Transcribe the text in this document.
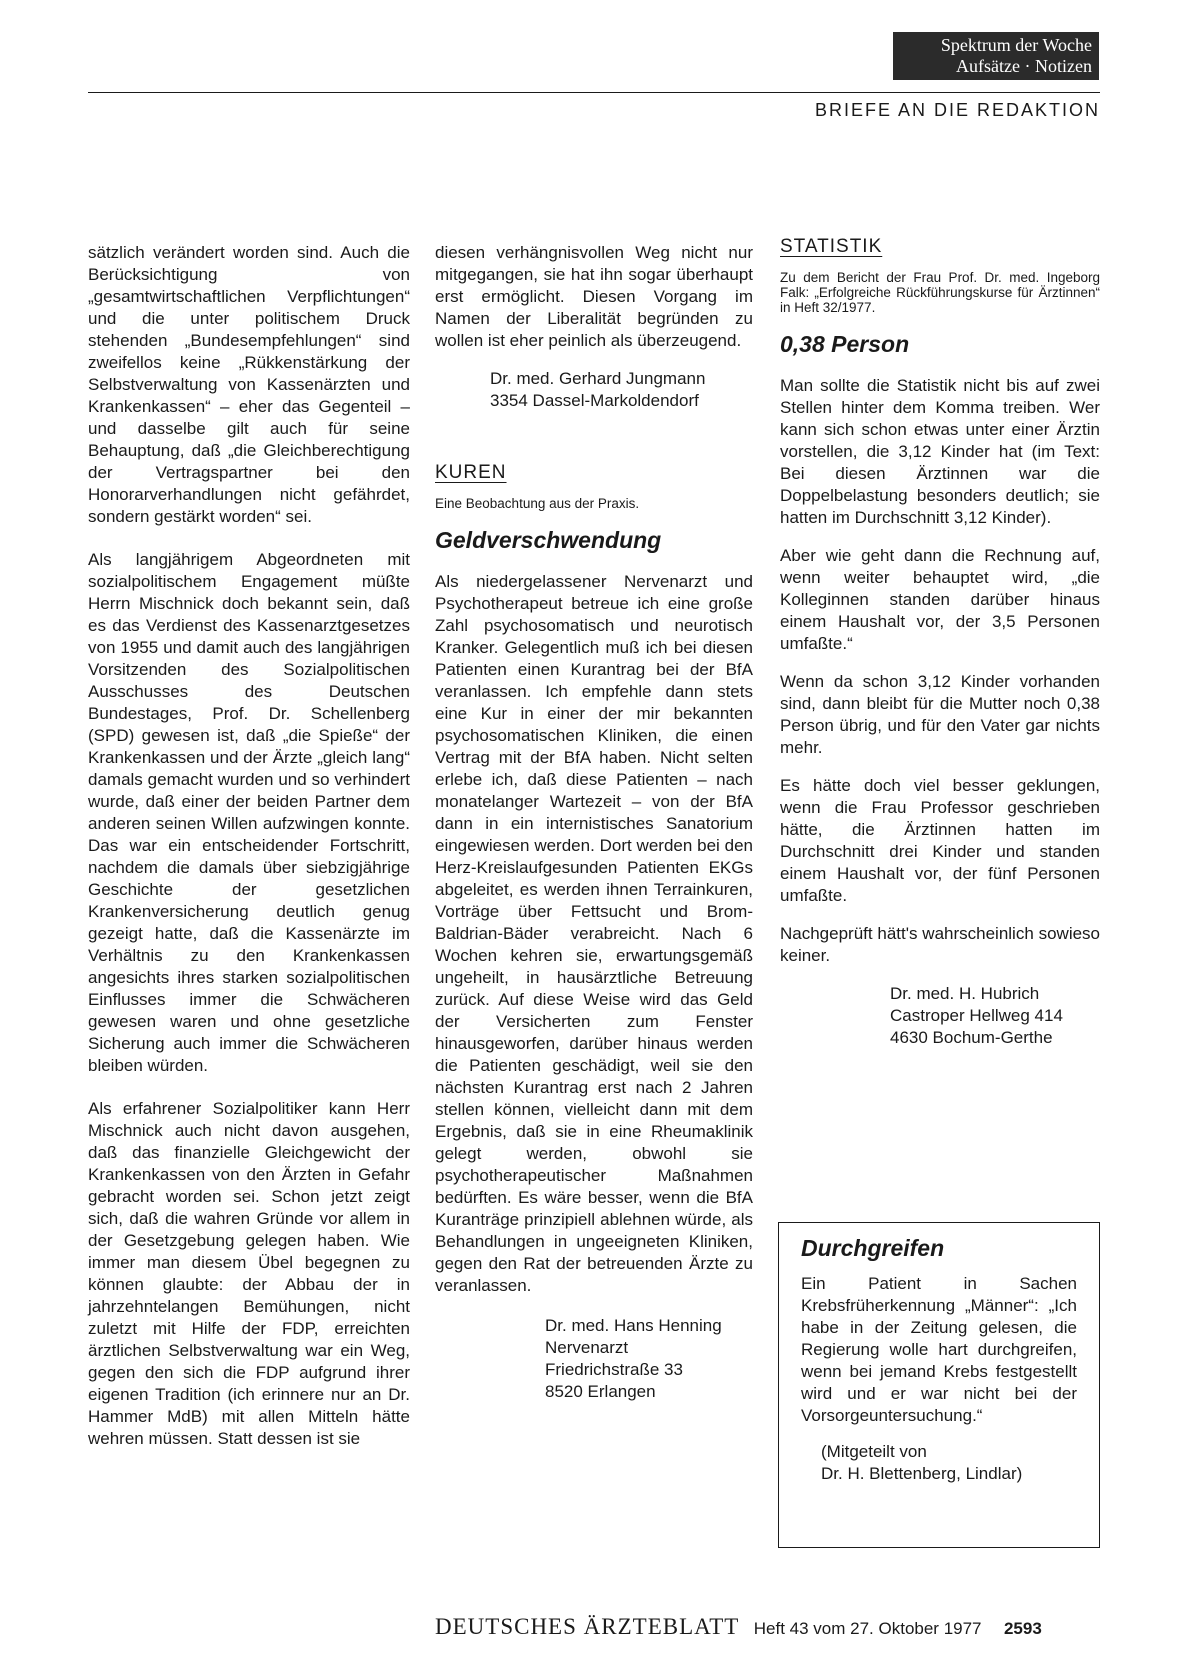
Spektrum der Woche
Aufsätze · Notizen
BRIEFE AN DIE REDAKTION

sätzlich verändert worden sind. Auch die Berücksichtigung von „gesamtwirtschaftlichen Verpflichtungen“ und die unter politischem Druck stehenden „Bundesempfehlungen“ sind zweifellos keine „Rükkenstärkung der Selbstverwaltung von Kassenärzten und Krankenkassen“ – eher das Gegenteil – und dasselbe gilt auch für seine Behauptung, daß „die Gleichberechtigung der Vertragspartner bei den Honorarverhandlungen nicht gefährdet, sondern gestärkt worden“ sei.

Als langjährigem Abgeordneten mit sozialpolitischem Engagement müßte Herrn Mischnick doch bekannt sein, daß es das Verdienst des Kassenarztgesetzes von 1955 und damit auch des langjährigen Vorsitzenden des Sozialpolitischen Ausschusses des Deutschen Bundestages, Prof. Dr. Schellenberg (SPD) gewesen ist, daß „die Spieße“ der Krankenkassen und der Ärzte „gleich lang“ damals gemacht wurden und so verhindert wurde, daß einer der beiden Partner dem anderen seinen Willen aufzwingen konnte. Das war ein entscheidender Fortschritt, nachdem die damals über siebzigjährige Geschichte der gesetzlichen Krankenversicherung deutlich genug gezeigt hatte, daß die Kassenärzte im Verhältnis zu den Krankenkassen angesichts ihres starken sozialpolitischen Einflusses immer die Schwächeren gewesen waren und ohne gesetzliche Sicherung auch immer die Schwächeren bleiben würden.

Als erfahrener Sozialpolitiker kann Herr Mischnick auch nicht davon ausgehen, daß das finanzielle Gleichgewicht der Krankenkassen von den Ärzten in Gefahr gebracht worden sei. Schon jetzt zeigt sich, daß die wahren Gründe vor allem in der Gesetzgebung gelegen haben. Wie immer man diesem Übel begegnen zu können glaubte: der Abbau der in jahrzehntelangen Bemühungen, nicht zuletzt mit Hilfe der FDP, erreichten ärztlichen Selbstverwaltung war ein Weg, gegen den sich die FDP aufgrund ihrer eigenen Tradition (ich erinnere nur an Dr. Hammer MdB) mit allen Mitteln hätte wehren müssen. Statt dessen ist sie

diesen verhängnisvollen Weg nicht nur mitgegangen, sie hat ihn sogar überhaupt erst ermöglicht. Diesen Vorgang im Namen der Liberalität begründen zu wollen ist eher peinlich als überzeugend.

Dr. med. Gerhard Jungmann
3354 Dassel-Markoldendorf
KUREN
Eine Beobachtung aus der Praxis.
Geldverschwendung

Als niedergelassener Nervenarzt und Psychotherapeut betreue ich eine große Zahl psychosomatisch und neurotisch Kranker. Gelegentlich muß ich bei diesen Patienten einen Kurantrag bei der BfA veranlassen. Ich empfehle dann stets eine Kur in einer der mir bekannten psychosomatischen Kliniken, die einen Vertrag mit der BfA haben. Nicht selten erlebe ich, daß diese Patienten – nach monatelanger Wartezeit – von der BfA dann in ein internistisches Sanatorium eingewiesen werden. Dort werden bei den Herz-Kreislaufgesunden Patienten EKGs abgeleitet, es werden ihnen Terrainkuren, Vorträge über Fettsucht und Brom-Baldrian-Bäder verabreicht. Nach 6 Wochen kehren sie, erwartungsgemäß ungeheilt, in hausärztliche Betreuung zurück. Auf diese Weise wird das Geld der Versicherten zum Fenster hinausgeworfen, darüber hinaus werden die Patienten geschädigt, weil sie den nächsten Kurantrag erst nach 2 Jahren stellen können, vielleicht dann mit dem Ergebnis, daß sie in eine Rheumaklinik gelegt werden, obwohl sie psychotherapeutischer Maßnahmen bedürften. Es wäre besser, wenn die BfA Kuranträge prinzipiell ablehnen würde, als Behandlungen in ungeeigneten Kliniken, gegen den Rat der betreuenden Ärzte zu veranlassen.

Dr. med. Hans Henning
Nervenarzt
Friedrichstraße 33
8520 Erlangen
STATISTIK
Zu dem Bericht der Frau Prof. Dr. med. Ingeborg Falk: „Erfolgreiche Rückführungskurse für Ärztinnen“ in Heft 32/1977.
0,38 Person

Man sollte die Statistik nicht bis auf zwei Stellen hinter dem Komma treiben. Wer kann sich schon etwas unter einer Ärztin vorstellen, die 3,12 Kinder hat (im Text: Bei diesen Ärztinnen war die Doppelbelastung besonders deutlich; sie hatten im Durchschnitt 3,12 Kinder).

Aber wie geht dann die Rechnung auf, wenn weiter behauptet wird, „die Kolleginnen standen darüber hinaus einem Haushalt vor, der 3,5 Personen umfaßte.“

Wenn da schon 3,12 Kinder vorhanden sind, dann bleibt für die Mutter noch 0,38 Person übrig, und für den Vater gar nichts mehr.

Es hätte doch viel besser geklungen, wenn die Frau Professor geschrieben hätte, die Ärztinnen hatten im Durchschnitt drei Kinder und standen einem Haushalt vor, der fünf Personen umfaßte.

Nachgeprüft hätt's wahrscheinlich sowieso keiner.

Dr. med. H. Hubrich
Castroper Hellweg 414
4630 Bochum-Gerthe
Durchgreifen

Ein Patient in Sachen Krebsfrüherkennung „Männer“: „Ich habe in der Zeitung gelesen, die Regierung wolle hart durchgreifen, wenn bei jemand Krebs festgestellt wird und er war nicht bei der Vorsorgeuntersuchung.“

(Mitgeteilt von
Dr. H. Blettenberg, Lindlar)
DEUTSCHES ÄRZTEBLATT Heft 43 vom 27. Oktober 1977 2593
